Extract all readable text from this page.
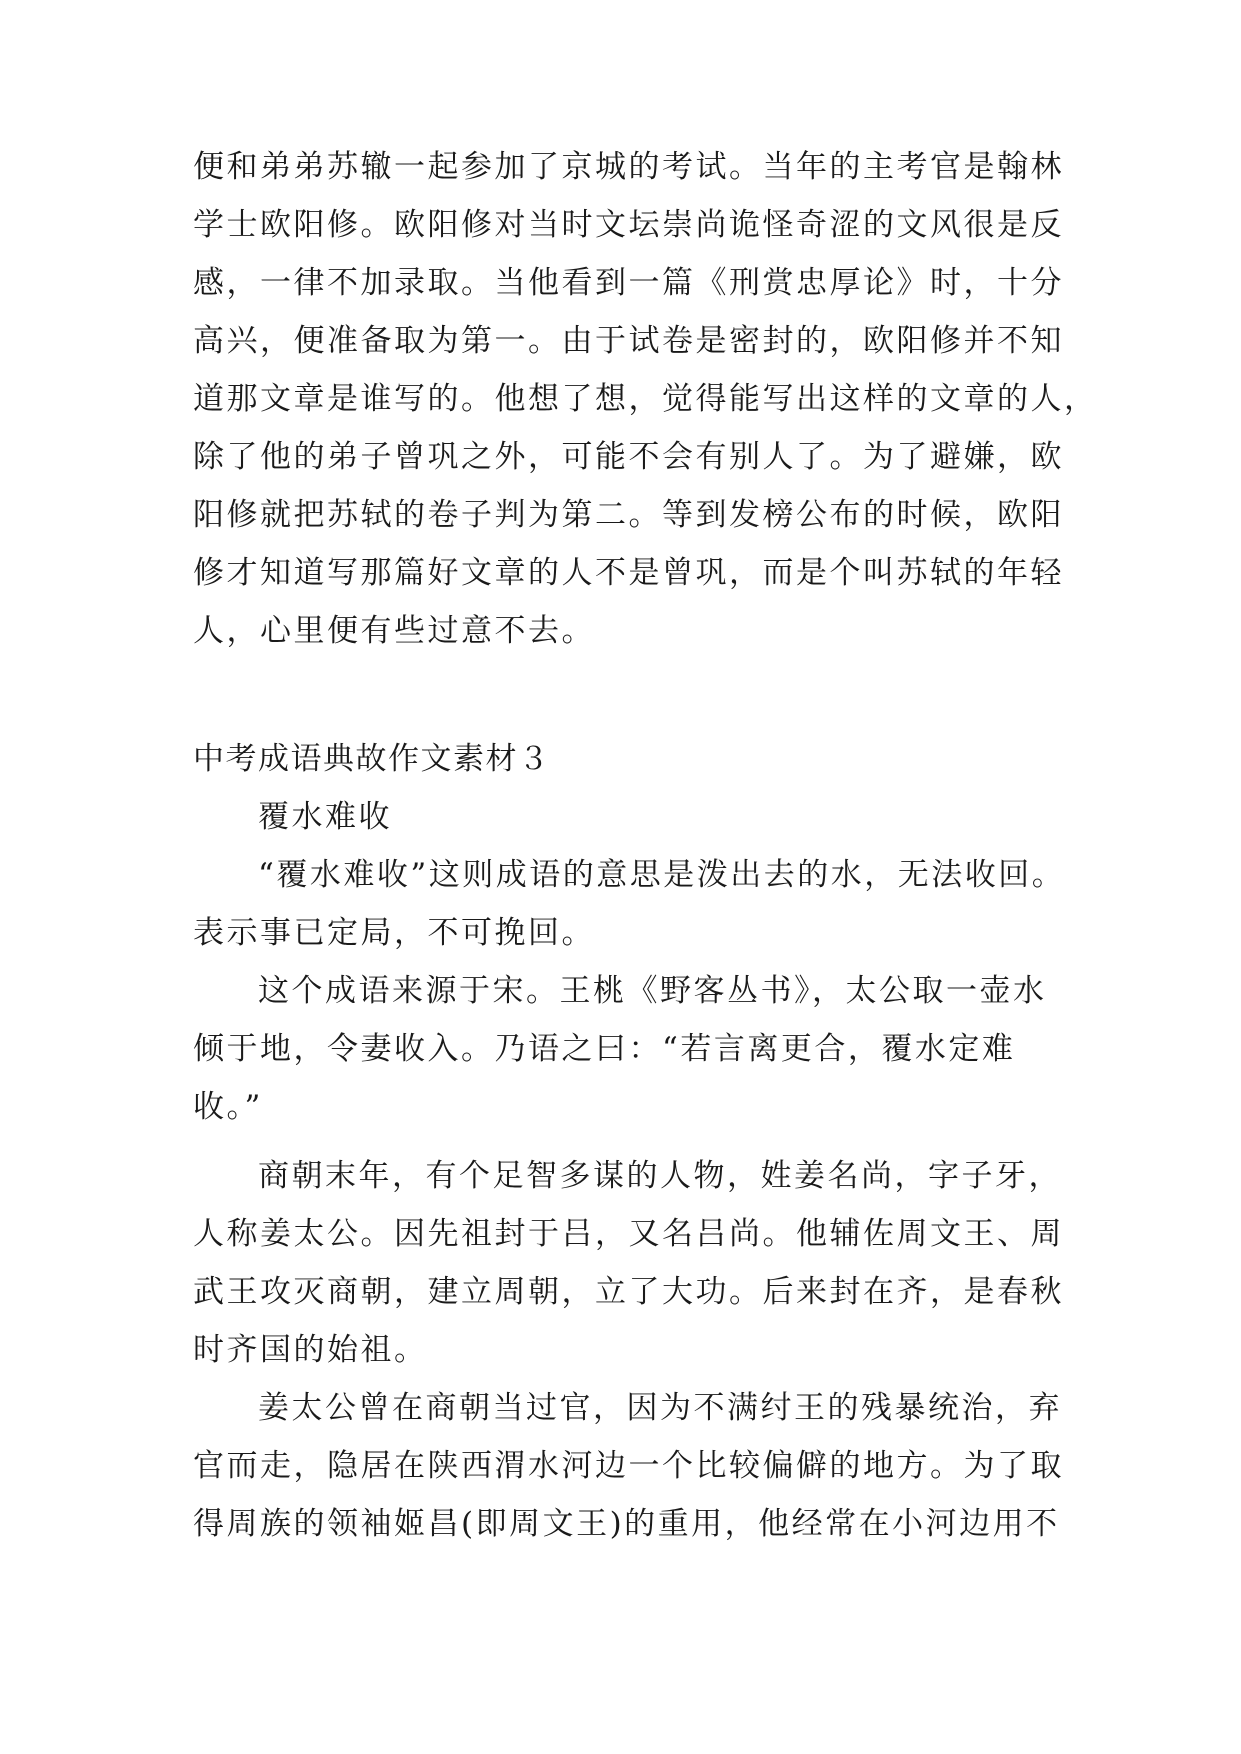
便和弟弟苏辙一起参加了京城的考试。当年的主考官是翰林

学士欧阳修。欧阳修对当时文坛崇尚诡怪奇涩的文风很是反

感，一律不加录取。当他看到一篇《刑赏忠厚论》时，十分

高兴，便准备取为第一。由于试卷是密封的，欧阳修并不知

道那文章是谁写的。他想了想，觉得能写出这样的文章的人，

除了他的弟子曾巩之外，可能不会有别人了。为了避嫌，欧

阳修就把苏轼的卷子判为第二。等到发榜公布的时候，欧阳

修才知道写那篇好文章的人不是曾巩，而是个叫苏轼的年轻

人，心里便有些过意不去。

中考成语典故作文素材３

覆水难收

“覆水难收”这则成语的意思是泼出去的水，无法收回。

表示事已定局，不可挽回。

这个成语来源于宋。王桃《野客丛书》，太公取一壶水

倾于地，令妻收入。乃语之曰：“若言离更合，覆水定难

收。”

商朝末年，有个足智多谋的人物，姓姜名尚，字子牙，

人称姜太公。因先祖封于吕，又名吕尚。他辅佐周文王、周

武王攻灭商朝，建立周朝，立了大功。后来封在齐，是春秋

时齐国的始祖。

姜太公曾在商朝当过官，因为不满纣王的残暴统治，弃

官而走，隐居在陕西渭水河边一个比较偏僻的地方。为了取

得周族的领袖姬昌(即周文王)的重用，他经常在小河边用不
